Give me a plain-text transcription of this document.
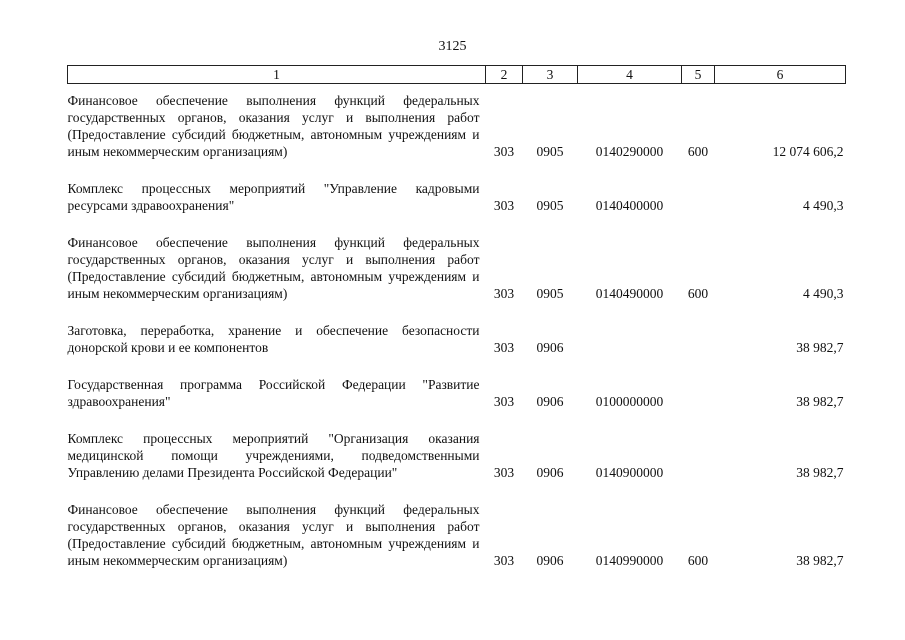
3125
1	2	3	4	5	6
Финансовое обеспечение выполнения функций федеральных государственных органов, оказания услуг и выполнения работ (Предоставление субсидий бюджетным, автономным учреждениям и иным некоммерческим организациям)	303	0905	0140290000	600	12 074 606,2
Комплекс процессных мероприятий "Управление кадровыми ресурсами здравоохранения"	303	0905	0140400000		4 490,3
Финансовое обеспечение выполнения функций федеральных государственных органов, оказания услуг и выполнения работ (Предоставление субсидий бюджетным, автономным учреждениям и иным некоммерческим организациям)	303	0905	0140490000	600	4 490,3
Заготовка, переработка, хранение и обеспечение безопасности донорской крови и ее компонентов	303	0906			38 982,7
Государственная программа Российской Федерации "Развитие здравоохранения"	303	0906	0100000000		38 982,7
Комплекс процессных мероприятий "Организация оказания медицинской помощи учреждениями, подведомственными Управлению делами Президента Российской Федерации"	303	0906	0140900000		38 982,7
Финансовое обеспечение выполнения функций федеральных государственных органов, оказания услуг и выполнения работ (Предоставление субсидий бюджетным, автономным учреждениям и иным некоммерческим организациям)	303	0906	0140990000	600	38 982,7
